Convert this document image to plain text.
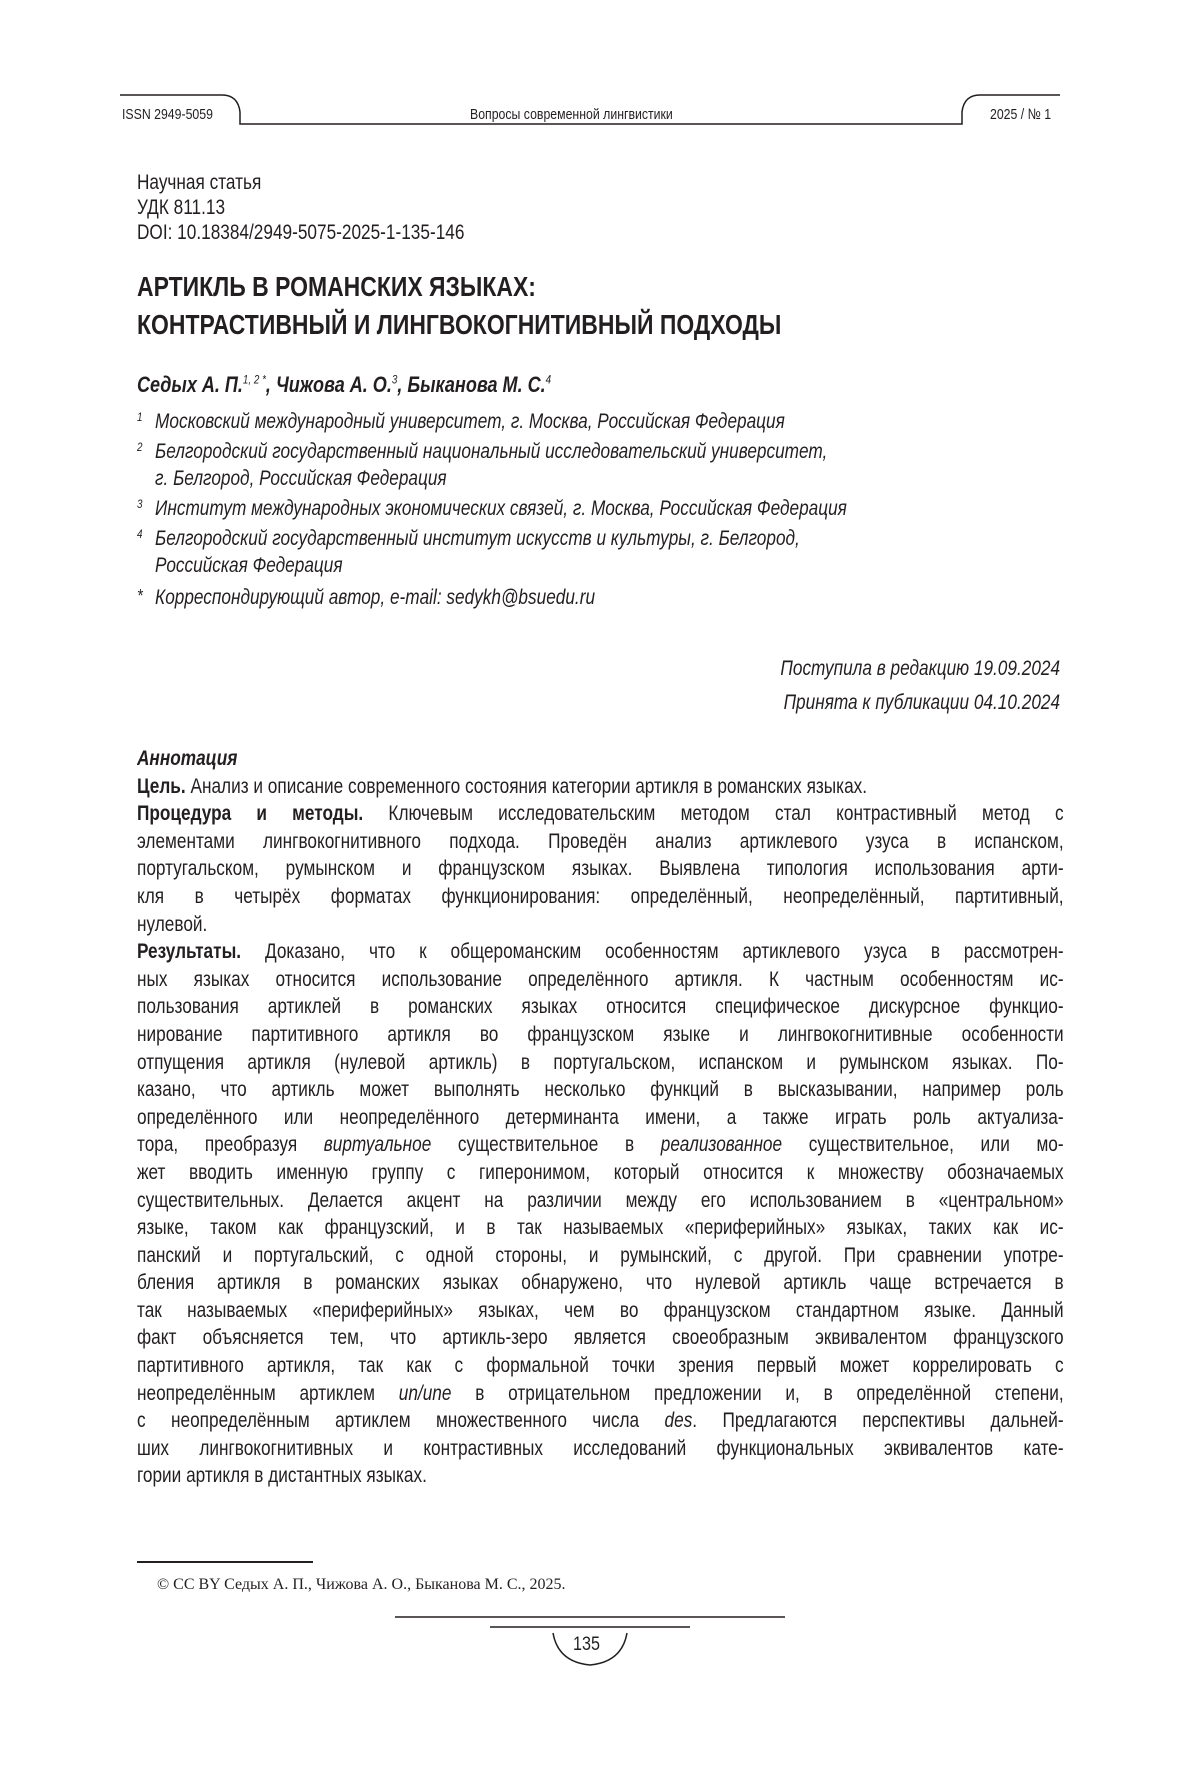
ISSN 2949-5059	Вопросы современной лингвистики	2025 / № 1
Научная статья
УДК 811.13
DOI: 10.18384/2949-5075-2025-1-135-146
АРТИКЛЬ В РОМАНСКИХ ЯЗЫКАХ:
КОНТРАСТИВНЫЙ И ЛИНГВОКОГНИТИВНЫЙ ПОДХОДЫ
Седых А. П.1, 2 *, Чижова А. О.3, Быканова М. С.4
1 Московский международный университет, г. Москва, Российская Федерация
2 Белгородский государственный национальный исследовательский университет,
г. Белгород, Российская Федерация
3 Институт международных экономических связей, г. Москва, Российская Федерация
4 Белгородский государственный институт искусств и культуры, г. Белгород,
Российская Федерация
* Корреспондирующий автор, e-mail: sedykh@bsuedu.ru
Поступила в редакцию 19.09.2024
Принята к публикации 04.10.2024
Аннотация
Цель. Анализ и описание современного состояния категории артикля в романских языках.
Процедура и методы. Ключевым исследовательским методом стал контрастивный метод с
элементами лингвокогнитивного подхода. Проведён анализ артиклевого узуса в испанском,
португальском, румынском и французском языках. Выявлена типология использования арти-
кля в четырёх форматах функционирования: определённый, неопределённый, партитивный,
нулевой.
Результаты. Доказано, что к общероманским особенностям артиклевого узуса в рассмотрен-
ных языках относится использование определённого артикля. К частным особенностям ис-
пользования артиклей в романских языках относится специфическое дискурсное функцио-
нирование партитивного артикля во французском языке и лингвокогнитивные особенности
отпущения артикля (нулевой артикль) в португальском, испанском и румынском языках. По-
казано, что артикль может выполнять несколько функций в высказывании, например роль
определённого или неопределённого детерминанта имени, а также играть роль актуализа-
тора, преобразуя виртуальное существительное в реализованное существительное, или мо-
жет вводить именную группу с гиперонимом, который относится к множеству обозначаемых
существительных. Делается акцент на различии между его использованием в «центральном»
языке, таком как французский, и в так называемых «периферийных» языках, таких как ис-
панский и португальский, с одной стороны, и румынский, с другой. При сравнении употре-
бления артикля в романских языках обнаружено, что нулевой артикль чаще встречается в
так называемых «периферийных» языках, чем во французском стандартном языке. Данный
факт объясняется тем, что артикль-зеро является своеобразным эквивалентом французского
партитивного артикля, так как с формальной точки зрения первый может коррелировать с
неопределённым артиклем un/une в отрицательном предложении и, в определённой степени,
с неопределённым артиклем множественного числа des. Предлагаются перспективы дальней-
ших лингвокогнитивных и контрастивных исследований функциональных эквивалентов кате-
гории артикля в дистантных языках.
© CC BY Седых А. П., Чижова А. О., Быканова М. С., 2025.
135
